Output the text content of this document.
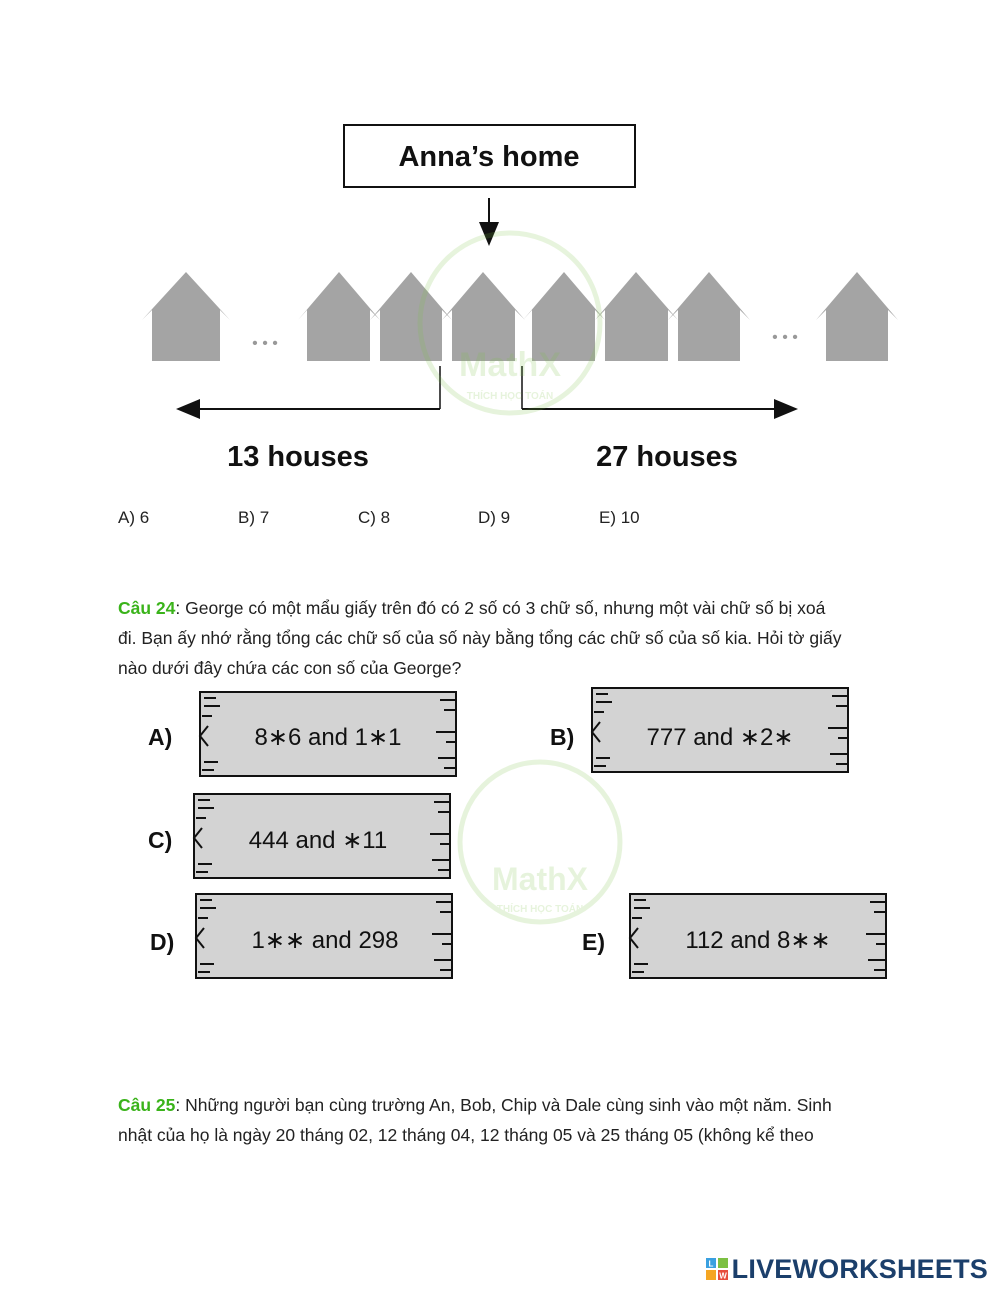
Anna’s home
• • •	• • •
13 houses	27 houses
MathX
THÍCH HỌC TOÁN
A) 6	B) 7	C) 8	D) 9	E) 10
Câu 24: George có một mẩu giấy trên đó có 2 số có 3 chữ số, nhưng một vài chữ số bị xoá
đi. Bạn ấy nhớ rằng tổng các chữ số của số này bằng tổng các chữ số của số kia. Hỏi tờ giấy
nào dưới đây chứa các con số của George?
A)	8∗6 and 1∗1	B)	777 and ∗2∗
C)	444 and ∗11
D)	1∗∗ and 298	E)	112 and 8∗∗
MathX
THÍCH HỌC TOÁN
Câu 25: Những người bạn cùng trường An, Bob, Chip và Dale cùng sinh vào một năm. Sinh
nhật của họ là ngày 20 tháng 02, 12 tháng 04, 12 tháng 05 và 25 tháng 05 (không kể theo
L
W LIVEWORKSHEETS
